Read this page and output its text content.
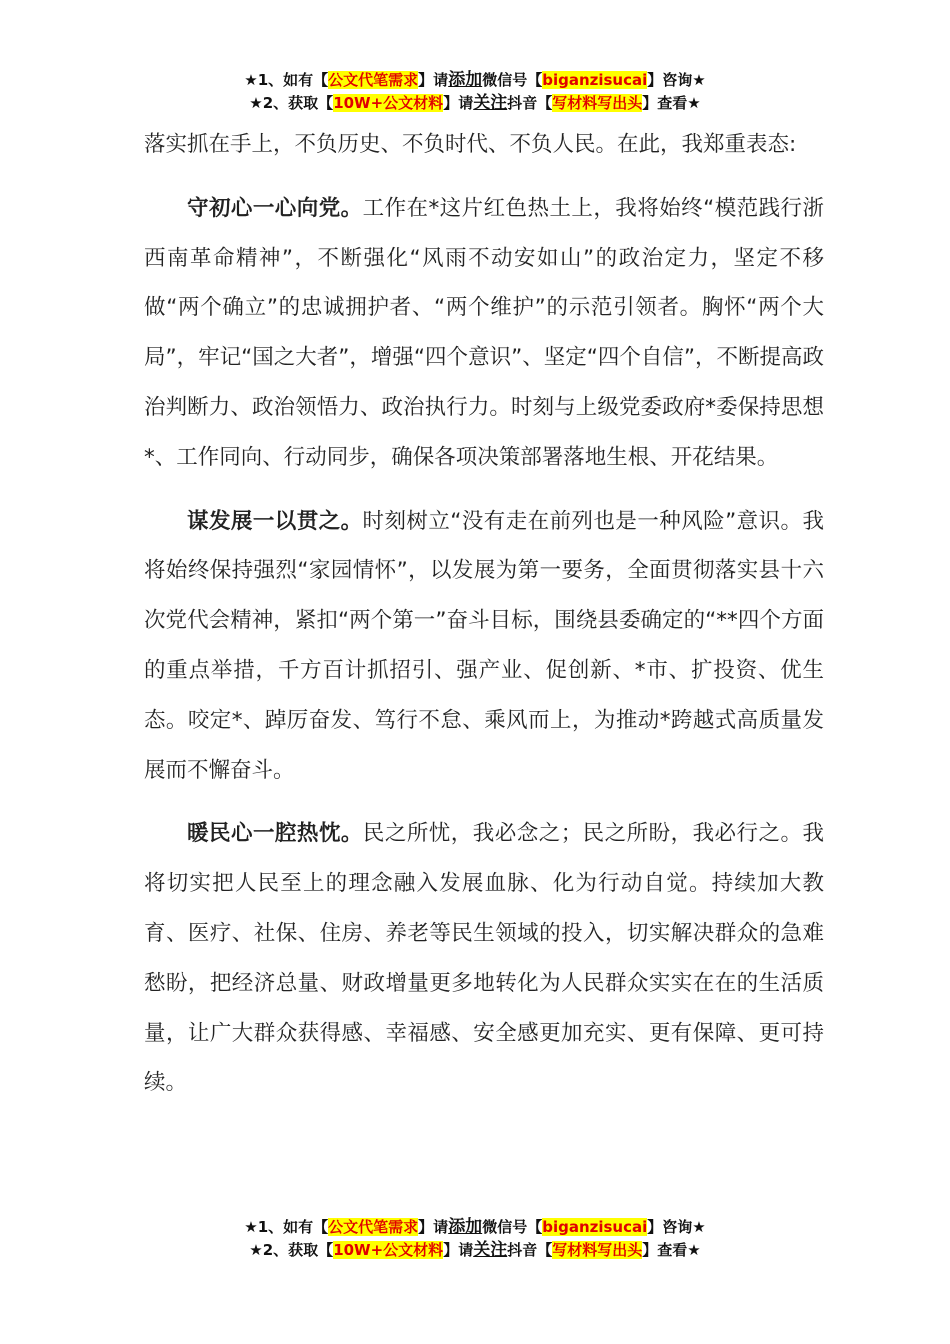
★1、如有【公文代笔需求】请添加微信号【biganzisucai】咨询★
★2、获取【10W+公文材料】请关注抖音【写材料写出头】查看★

落实抓在手上，不负历史、不负时代、不负人民。在此，我郑重表态:

守初心一心向党。工作在*这片红色热土上，我将始终“模范践行浙西南革命精神”，不断强化“风雨不动安如山”的政治定力，坚定不移做“两个确立”的忠诚拥护者、“两个维护”的示范引领者。胸怀“两个大局”，牢记“国之大者”，增强“四个意识”、坚定“四个自信”，不断提高政治判断力、政治领悟力、政治执行力。时刻与上级党委政府*委保持思想*、工作同向、行动同步，确保各项决策部署落地生根、开花结果。

谋发展一以贯之。时刻树立“没有走在前列也是一种风险”意识。我将始终保持强烈“家园情怀”，以发展为第一要务，全面贯彻落实县十六次党代会精神，紧扣“两个第一”奋斗目标，围绕县委确定的“**四个方面的重点举措，千方百计抓招引、强产业、促创新、*市、扩投资、优生态。咬定*、踔厉奋发、笃行不怠、乘风而上，为推动*跨越式高质量发展而不懈奋斗。

暖民心一腔热忱。民之所忧，我必念之；民之所盼，我必行之。我将切实把人民至上的理念融入发展血脉、化为行动自觉。持续加大教育、医疗、社保、住房、养老等民生领域的投入，切实解决群众的急难愁盼，把经济总量、财政增量更多地转化为人民群众实实在在的生活质量，让广大群众获得感、幸福感、安全感更加充实、更有保障、更可持续。

★1、如有【公文代笔需求】请添加微信号【biganzisucai】咨询★
★2、获取【10W+公文材料】请关注抖音【写材料写出头】查看★
